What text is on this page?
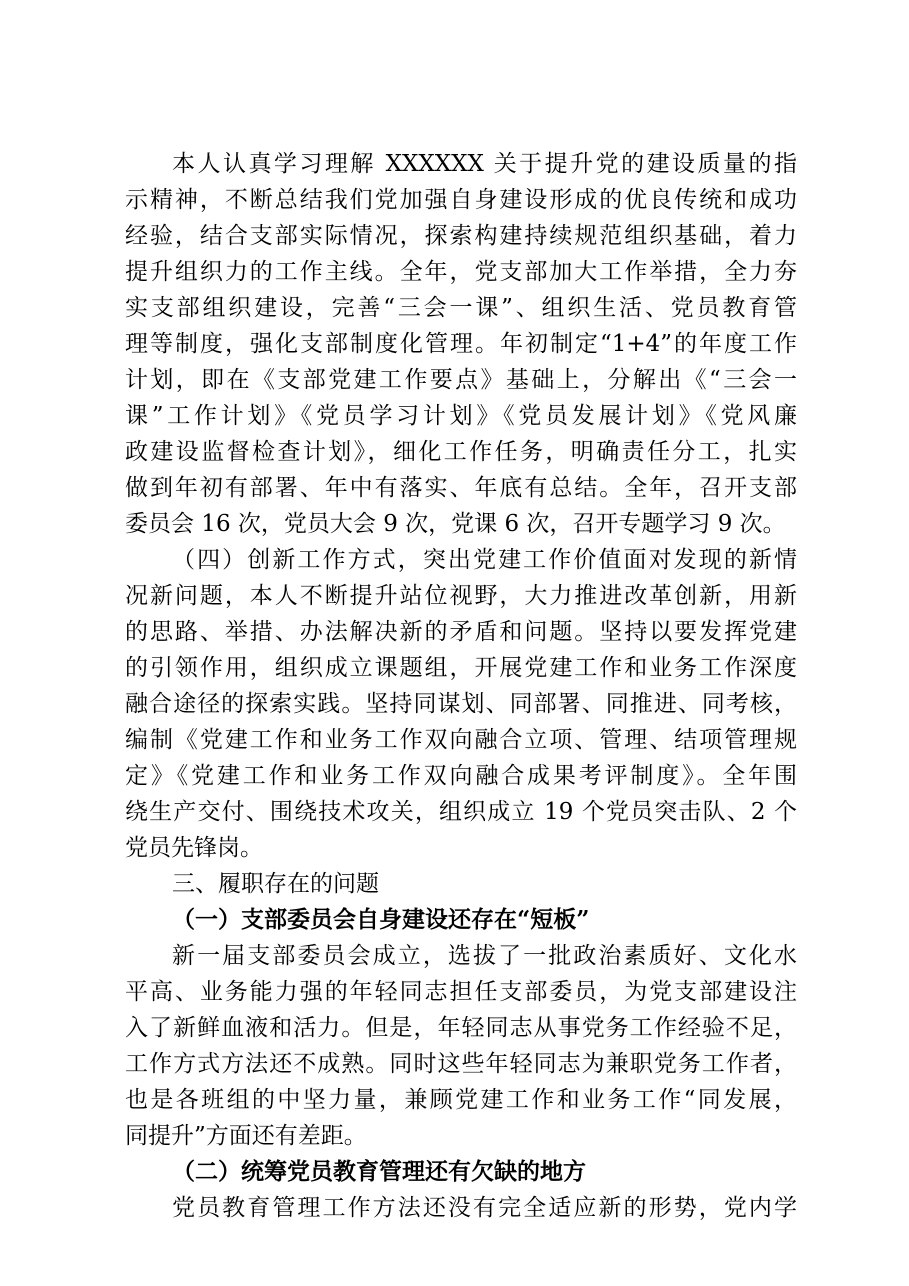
本人认真学习理解 XXXXXX 关于提升党的建设质量的指
示精神，不断总结我们党加强自身建设形成的优良传统和成功
经验，结合支部实际情况，探索构建持续规范组织基础，着力
提升组织力的工作主线。全年，党支部加大工作举措，全力夯
实支部组织建设，完善“三会一课”、组织生活、党员教育管
理等制度，强化支部制度化管理。年初制定“1+4”的年度工作
计划，即在《支部党建工作要点》基础上，分解出《“三会一
课”工作计划》《党员学习计划》《党员发展计划》《党风廉
政建设监督检查计划》，细化工作任务，明确责任分工，扎实
做到年初有部署、年中有落实、年底有总结。全年，召开支部
委员会 16 次，党员大会 9 次，党课 6 次，召开专题学习 9 次。
（四）创新工作方式，突出党建工作价值面对发现的新情
况新问题，本人不断提升站位视野，大力推进改革创新，用新
的思路、举措、办法解决新的矛盾和问题。坚持以要发挥党建
的引领作用，组织成立课题组，开展党建工作和业务工作深度
融合途径的探索实践。坚持同谋划、同部署、同推进、同考核，
编制《党建工作和业务工作双向融合立项、管理、结项管理规
定》《党建工作和业务工作双向融合成果考评制度》。全年围
绕生产交付、围绕技术攻关，组织成立 19 个党员突击队、2 个
党员先锋岗。
三、履职存在的问题
（一）支部委员会自身建设还存在“短板”
新一届支部委员会成立，选拔了一批政治素质好、文化水
平高、业务能力强的年轻同志担任支部委员，为党支部建设注
入了新鲜血液和活力。但是，年轻同志从事党务工作经验不足，
工作方式方法还不成熟。同时这些年轻同志为兼职党务工作者，
也是各班组的中坚力量，兼顾党建工作和业务工作“同发展，
同提升”方面还有差距。
（二）统筹党员教育管理还有欠缺的地方
党员教育管理工作方法还没有完全适应新的形势，党内学
